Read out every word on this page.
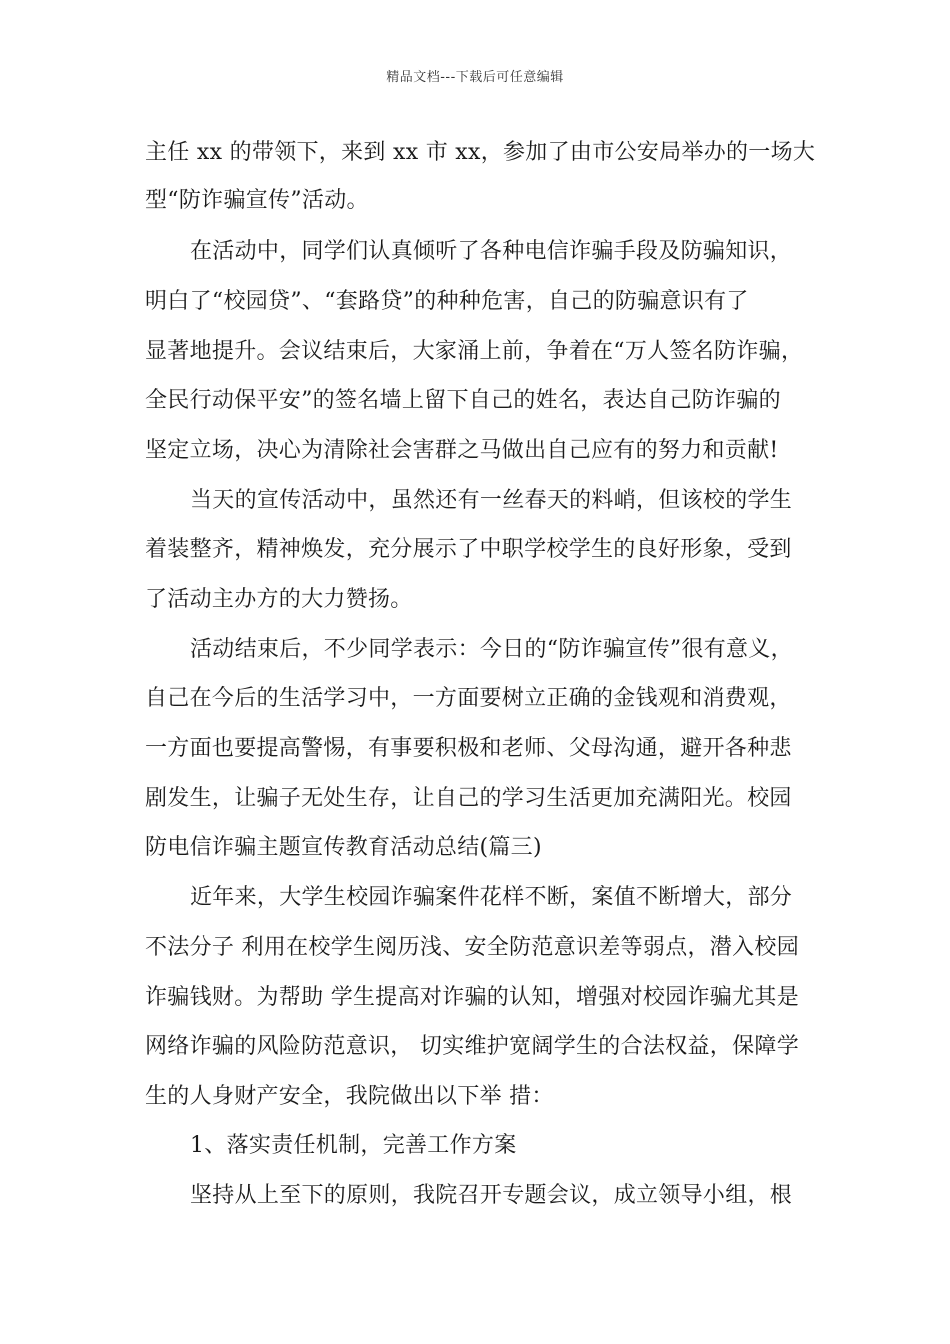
精品文档---下载后可任意编辑

主任 xx 的带领下，来到 xx 市 xx，参加了由市公安局举办的一场大

型“防诈骗宣传”活动。

在活动中，同学们认真倾听了各种电信诈骗手段及防骗知识，

明白了“校园贷”、“套路贷”的种种危害，自己的防骗意识有了

显著地提升。会议结束后，大家涌上前，争着在“万人签名防诈骗，

全民行动保平安”的签名墙上留下自己的姓名，表达自己防诈骗的

坚定立场，决心为清除社会害群之马做出自己应有的努力和贡献!

当天的宣传活动中，虽然还有一丝春天的料峭，但该校的学生

着装整齐，精神焕发，充分展示了中职学校学生的良好形象，受到

了活动主办方的大力赞扬。

活动结束后，不少同学表示：今日的“防诈骗宣传”很有意义，

自己在今后的生活学习中，一方面要树立正确的金钱观和消费观，

一方面也要提高警惕，有事要积极和老师、父母沟通，避开各种悲

剧发生，让骗子无处生存，让自己的学习生活更加充满阳光。校园

防电信诈骗主题宣传教育活动总结(篇三)

近年来，大学生校园诈骗案件花样不断，案值不断增大，部分

不法分子 利用在校学生阅历浅、安全防范意识差等弱点，潜入校园

诈骗钱财。为帮助 学生提高对诈骗的认知，增强对校园诈骗尤其是

网络诈骗的风险防范意识， 切实维护宽阔学生的合法权益，保障学

生的人身财产安全，我院做出以下举 措：

1、落实责任机制，完善工作方案

坚持从上至下的原则，我院召开专题会议，成立领导小组，根
